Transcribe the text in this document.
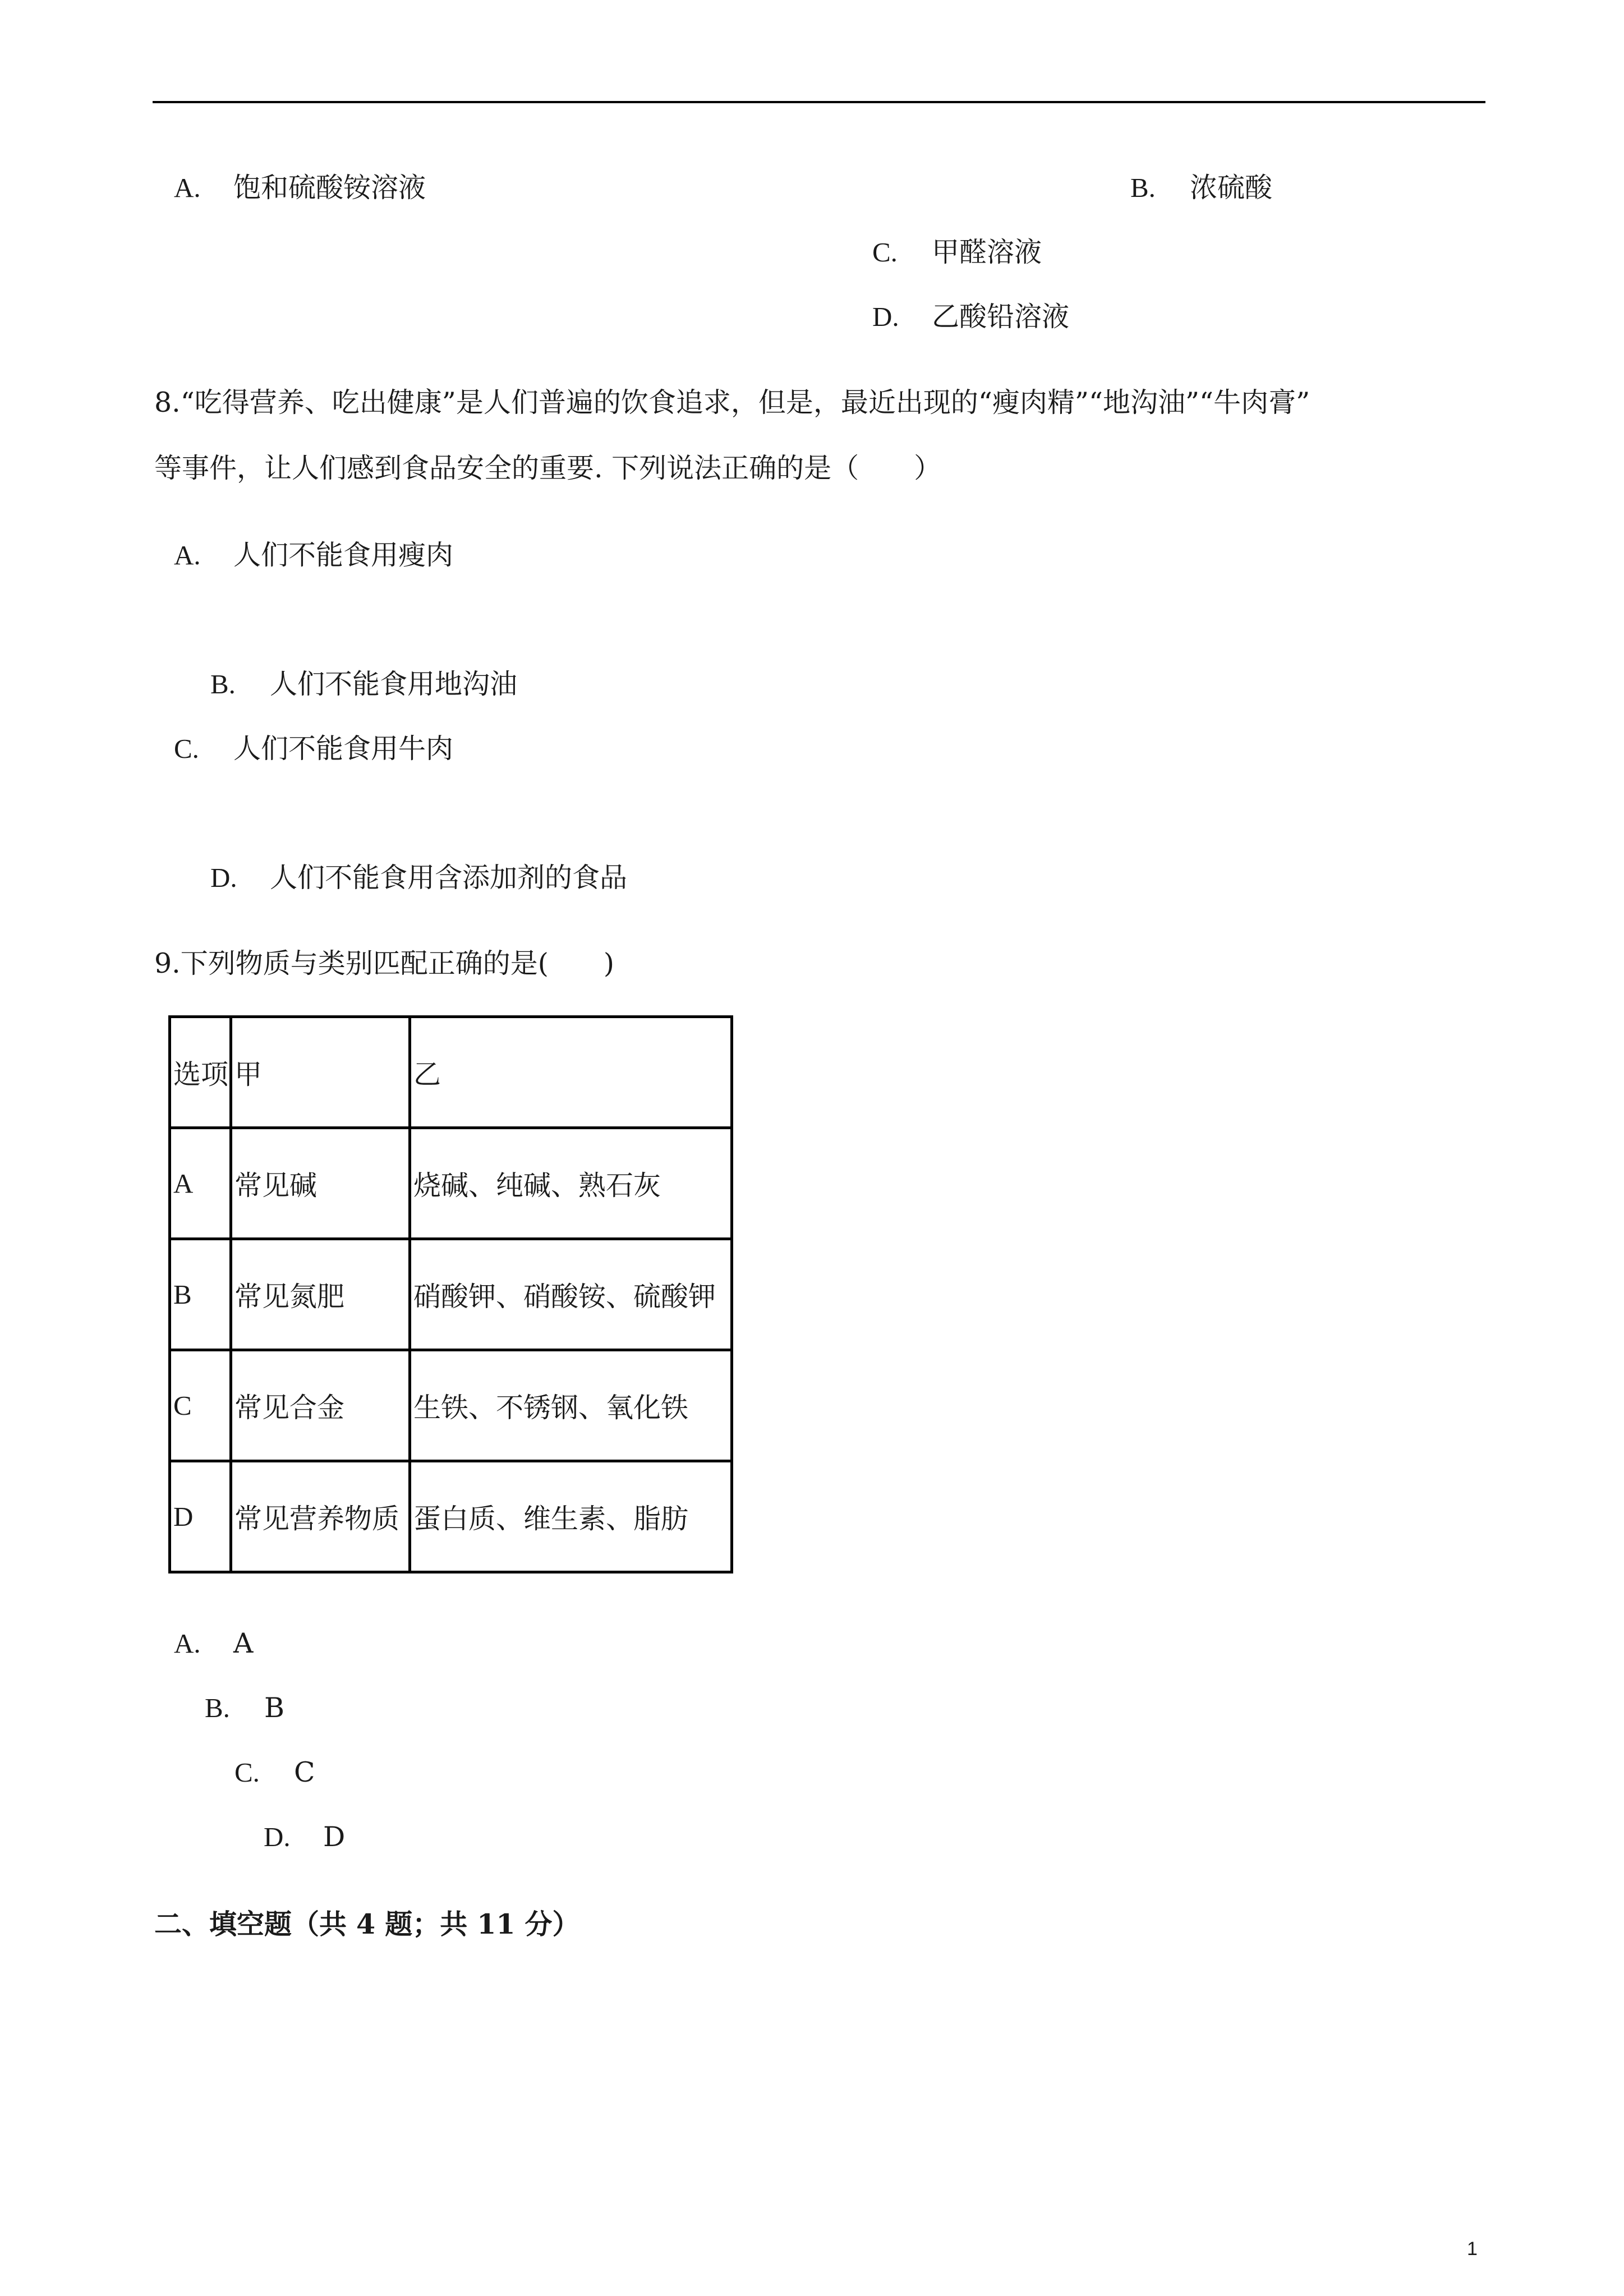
A. 饱和硫酸铵溶液	B. 浓硫酸
C. 甲醛溶液
D. 乙酸铅溶液
8.“吃得营养、吃出健康”是人们普遍的饮食追求，但是，最近出现的“瘦肉精”“地沟油”“牛肉膏”
等事件，让人们感到食品安全的重要. 下列说法正确的是（　　）
A. 人们不能食用瘦肉
B. 人们不能食用地沟油
C. 人们不能食用牛肉
D. 人们不能食用含添加剂的食品
9.下列物质与类别匹配正确的是(　　)
选项	甲	乙
A	常见碱	烧碱、纯碱、熟石灰
B	常见氮肥	硝酸钾、硝酸铵、硫酸钾
C	常见合金	生铁、不锈钢、氧化铁
D	常见营养物质	蛋白质、维生素、脂肪
A. A
B. B
C. C
D. D
二、填空题（共 4 题；共 11 分）
1
